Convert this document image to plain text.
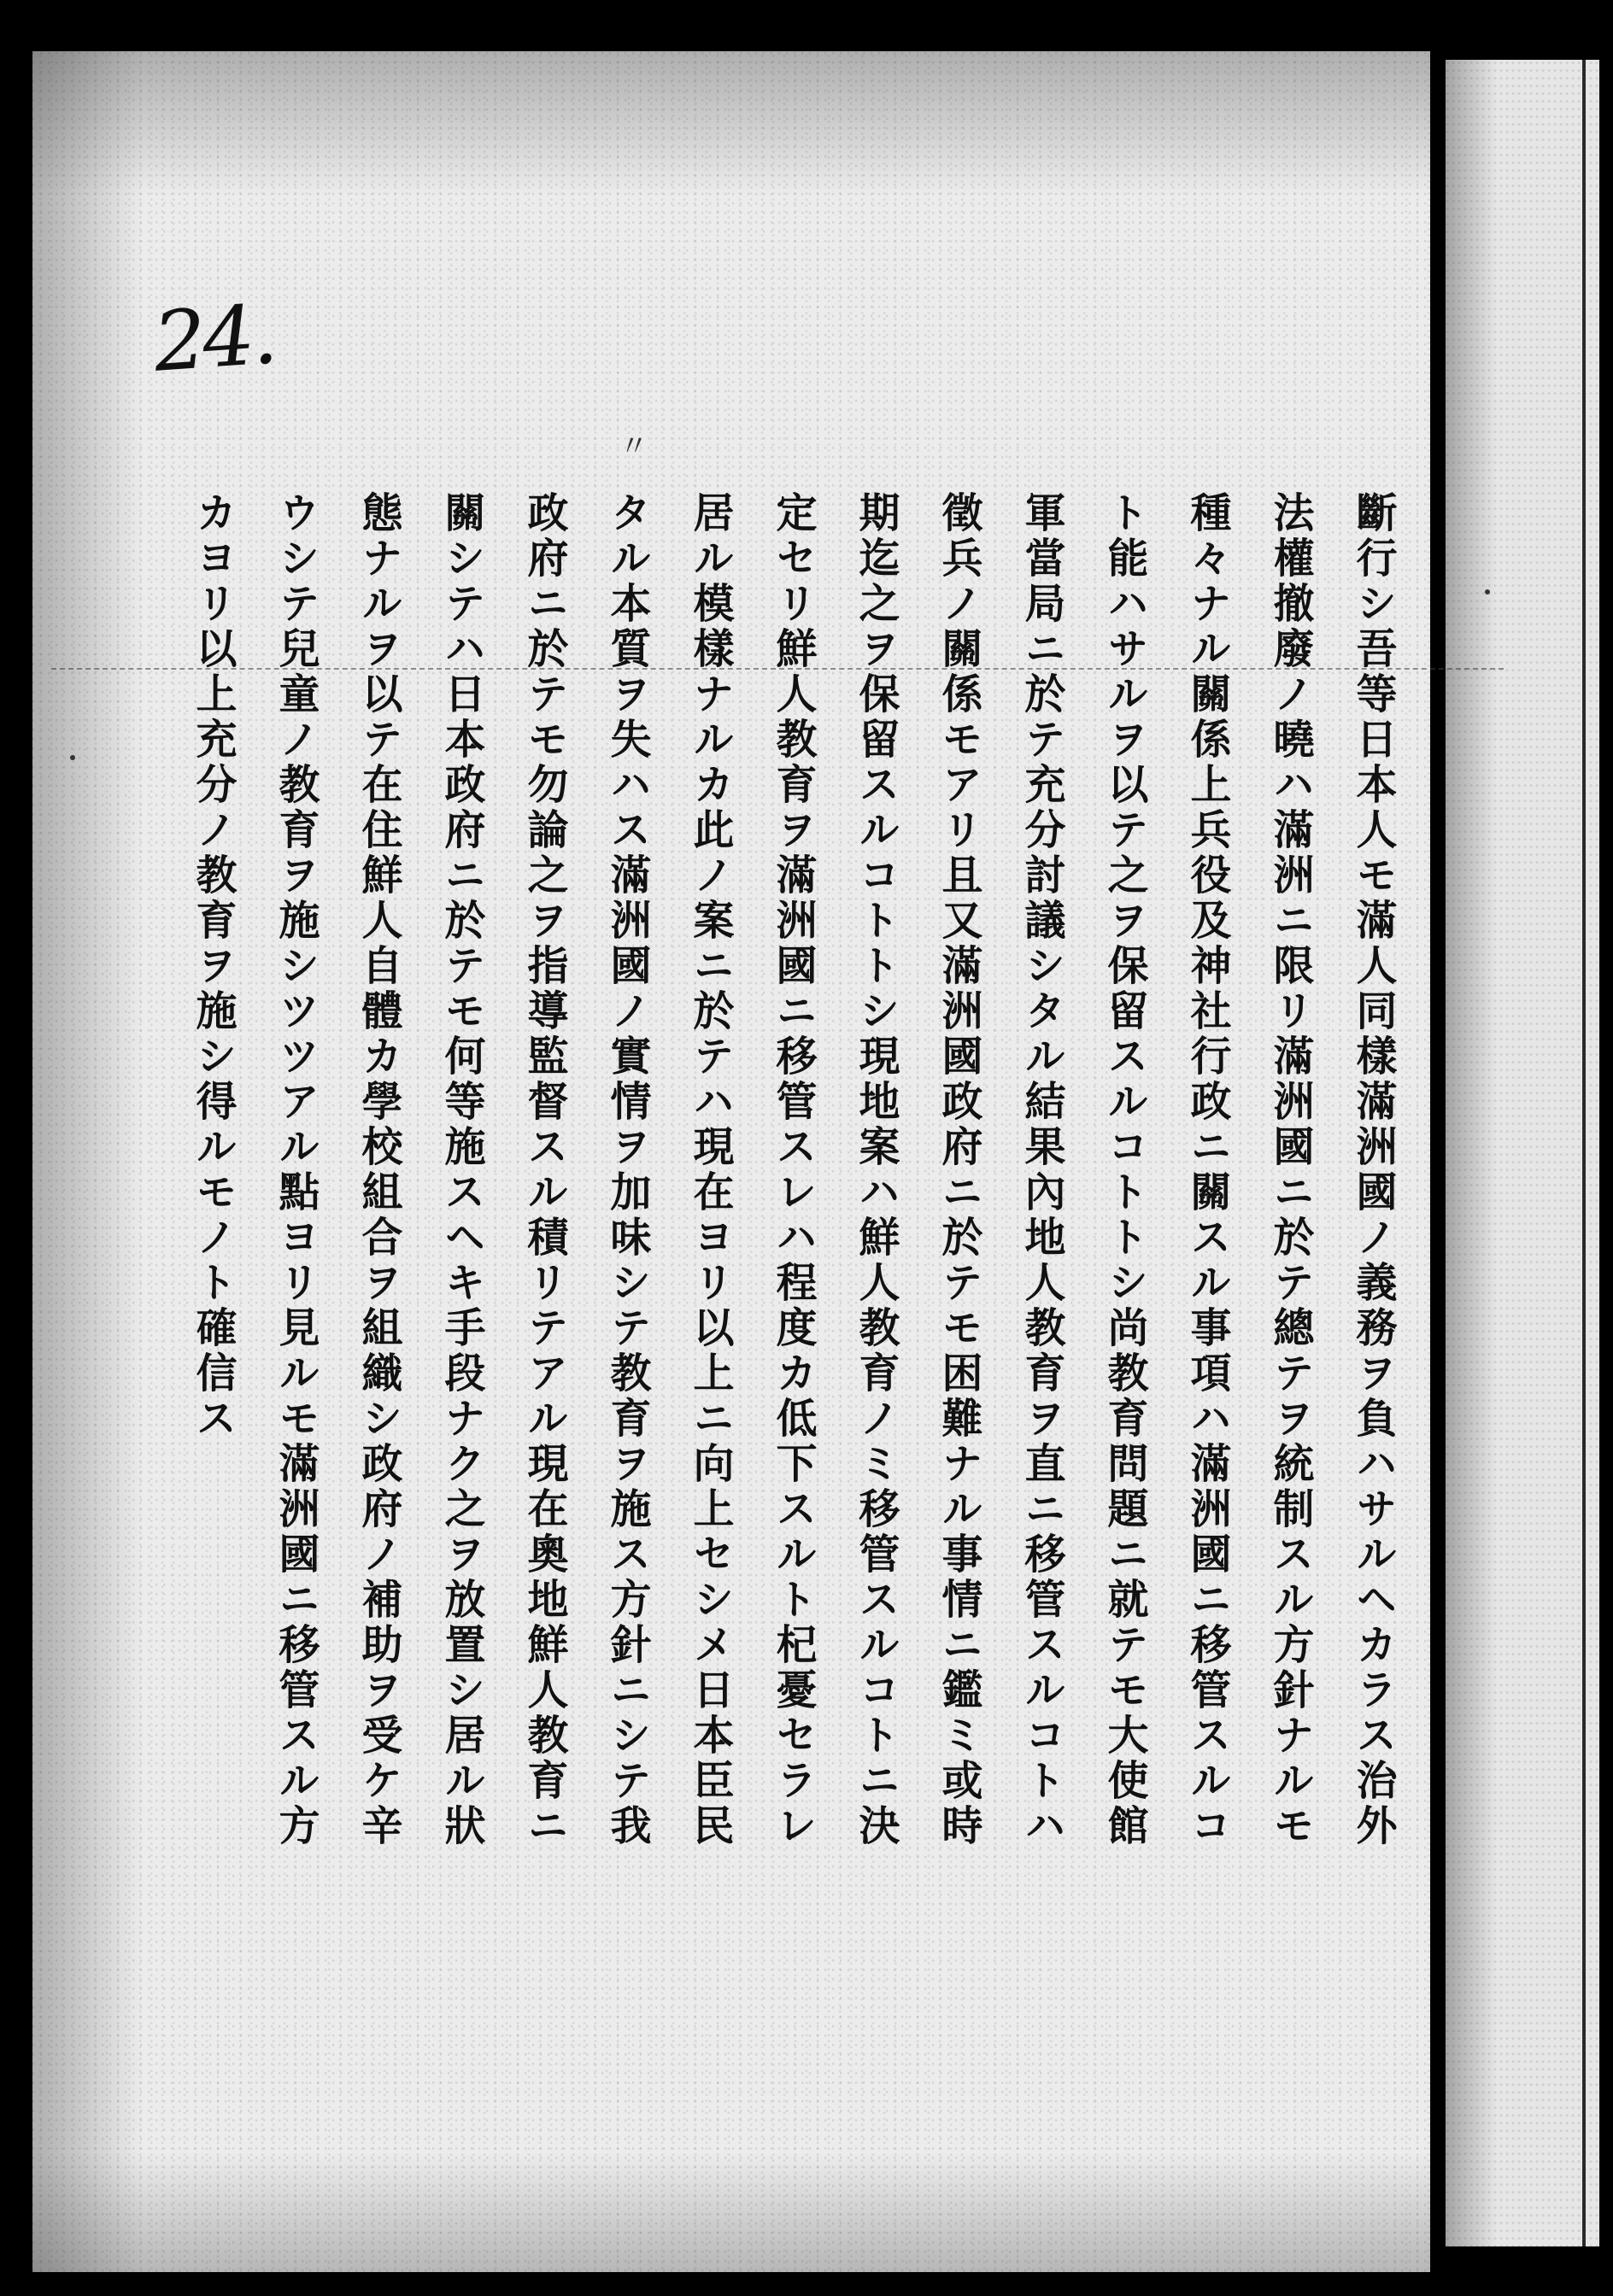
24.
〃
斷行シ吾等日本人モ滿人同樣滿洲國ノ義務ヲ負ハサルヘカラス治外
法權撤廢ノ曉ハ滿洲ニ限リ滿洲國ニ於テ總テヲ統制スル方針ナルモ
種々ナル關係上兵役及神社行政ニ關スル事項ハ滿洲國ニ移管スルコ
ト能ハサルヲ以テ之ヲ保留スルコトトシ尚教育問題ニ就テモ大使館
軍當局ニ於テ充分討議シタル結果內地人教育ヲ直ニ移管スルコトハ
徵兵ノ關係モアリ且又滿洲國政府ニ於テモ困難ナル事情ニ鑑ミ或時
期迄之ヲ保留スルコトトシ現地案ハ鮮人教育ノミ移管スルコトニ決
定セリ鮮人教育ヲ滿洲國ニ移管スレハ程度カ低下スルト杞憂セラレ
居ル模樣ナルカ此ノ案ニ於テハ現在ヨリ以上ニ向上セシメ日本臣民
タル本質ヲ失ハス滿洲國ノ實情ヲ加味シテ教育ヲ施ス方針ニシテ我
政府ニ於テモ勿論之ヲ指導監督スル積リテアル現在奧地鮮人教育ニ
關シテハ日本政府ニ於テモ何等施スヘキ手段ナク之ヲ放置シ居ル狀
態ナルヲ以テ在住鮮人自體カ學校組合ヲ組織シ政府ノ補助ヲ受ケ辛
ウシテ兒童ノ教育ヲ施シツツアル點ヨリ見ルモ滿洲國ニ移管スル方
カヨリ以上充分ノ教育ヲ施シ得ルモノト確信ス
